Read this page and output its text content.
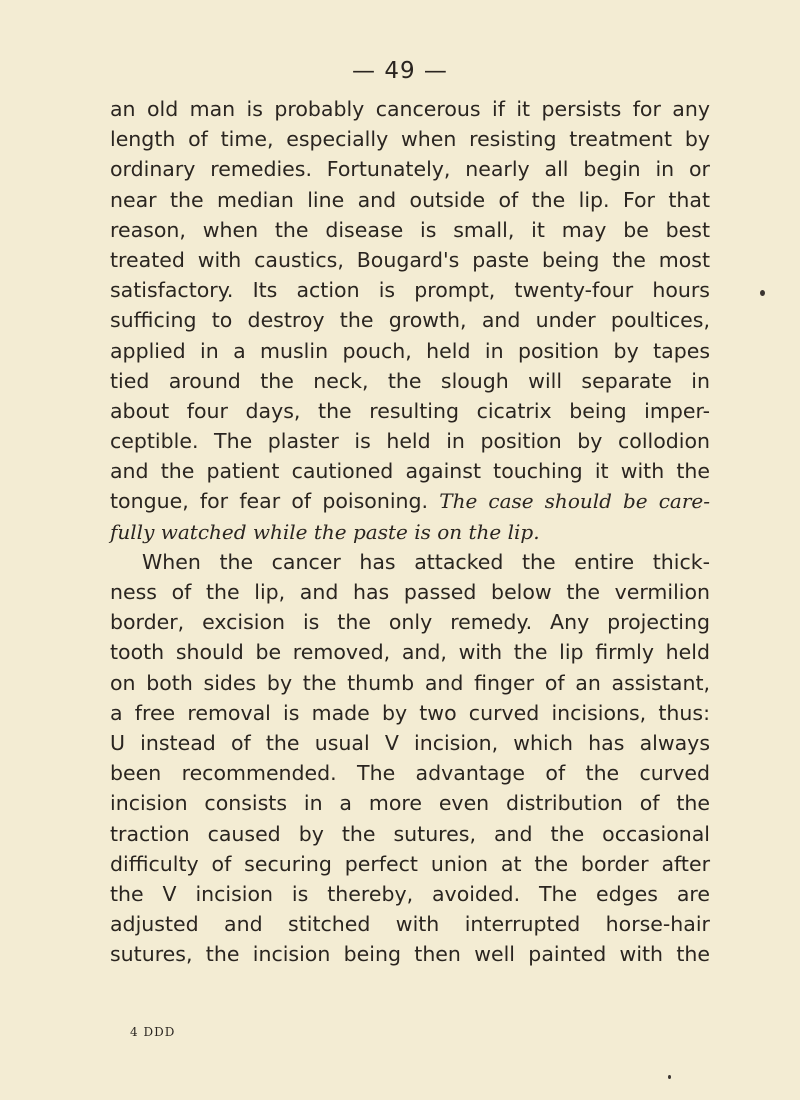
— 49 —
an old man is probably cancerous if it persists for any
length of time, especially when resisting treatment by
ordinary remedies. Fortunately, nearly all begin in or
near the median line and outside of the lip. For that
reason, when the disease is small, it may be best
treated with caustics, Bougard's paste being the most
satisfactory. Its action is prompt, twenty-four hours
sufficing to destroy the growth, and under poultices,
applied in a muslin pouch, held in position by tapes
tied around the neck, the slough will separate in
about four days, the resulting cicatrix being imper-
ceptible. The plaster is held in position by collodion
and the patient cautioned against touching it with the
tongue, for fear of poisoning. The case should be care-
fully watched while the paste is on the lip.
When the cancer has attacked the entire thick-
ness of the lip, and has passed below the vermilion
border, excision is the only remedy. Any projecting
tooth should be removed, and, with the lip firmly held
on both sides by the thumb and finger of an assistant,
a free removal is made by two curved incisions, thus:
U instead of the usual V incision, which has always
been recommended. The advantage of the curved
incision consists in a more even distribution of the
traction caused by the sutures, and the occasional
difficulty of securing perfect union at the border after
the V incision is thereby, avoided. The edges are
adjusted and stitched with interrupted horse-hair
sutures, the incision being then well painted with the
4 DDD
